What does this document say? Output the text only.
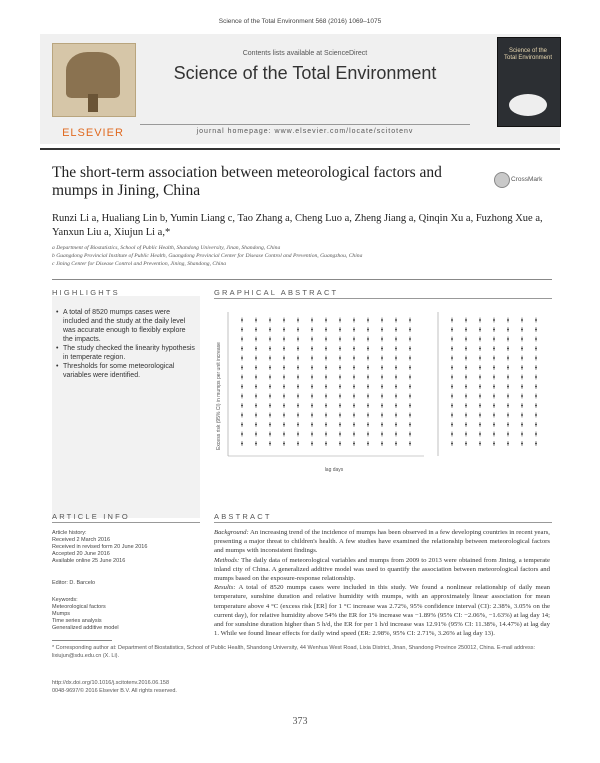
Science of the Total Environment 568 (2016) 1069–1075
ELSEVIER
Contents lists available at ScienceDirect
Science of the Total Environment
journal homepage: www.elsevier.com/locate/scitotenv
Science of the Total Environment
The short-term association between meteorological factors and mumps in Jining, China
CrossMark
Runzi Li a, Hualiang Lin b, Yumin Liang c, Tao Zhang a, Cheng Luo a, Zheng Jiang a, Qinqin Xu a, Fuzhong Xue a, Yanxun Liu a, Xiujun Li a,*
a Department of Biostatistics, School of Public Health, Shandong University, Jinan, Shandong, China
b Guangdong Provincial Institute of Public Health, Guangdong Provincial Center for Disease Control and Prevention, Guangzhou, China
c Jining Center for Disease Control and Prevention, Jining, Shandong, China
HIGHLIGHTS
• A total of 8520 mumps cases were included and the study at the daily level was accurate enough to flexibly explore the impacts.
• The study checked the linearity hypothesis in temperate region.
• Thresholds for some meteorological variables were identified.
GRAPHICAL ABSTRACT
Excess risk (95% CI) in mumps per unit increase
lag days
ARTICLE INFO
Article history:
Received 2 March 2016
Received in revised form 20 June 2016
Accepted 20 June 2016
Available online 25 June 2016
Editor: D. Barcelo
Keywords:
Meteorological factors
Mumps
Time series analysis
Generalized additive model
ABSTRACT
Background: An increasing trend of the incidence of mumps has been observed in a few developing countries in recent years, presenting a major threat to children's health. A few studies have examined the relationship between meteorological factors and mumps with inconsistent findings.
Methods: The daily data of meteorological variables and mumps from 2009 to 2013 were obtained from Jining, a temperate inland city of China. A generalized additive model was used to quantify the association between meteorological factors and mumps based on the exposure-response relationship.
Results: A total of 8520 mumps cases were included in this study. We found a nonlinear relationship of daily mean temperature, sunshine duration and relative humidity with mumps, with an approximately linear association for mean temperature above 4 °C (excess risk [ER] for 1 °C increase was 2.72%, 95% confidence interval (CI): 2.38%, 3.05% on the current day), for relative humidity above 54% the ER for 1% increase was −1.89% (95% CI: −2.06%, −1.63%) at lag day 14; and for sunshine duration higher than 5 h/d, the ER for per 1 h/d increase was 12.91% (95% CI: 11.38%, 14.47%) at lag day 1. While we found linear effects for daily wind speed (ER: 2.98%, 95% CI: 2.71%, 3.26% at lag day 13).
* Corresponding author at: Department of Biostatistics, School of Public Health, Shandong University, 44 Wenhua West Road, Lixia District, Jinan, Shandong Province 250012, China. E-mail address: lixiujun@sdu.edu.cn (X. Li).
http://dx.doi.org/10.1016/j.scitotenv.2016.06.158
0048-9697/© 2016 Elsevier B.V. All rights reserved.
373
